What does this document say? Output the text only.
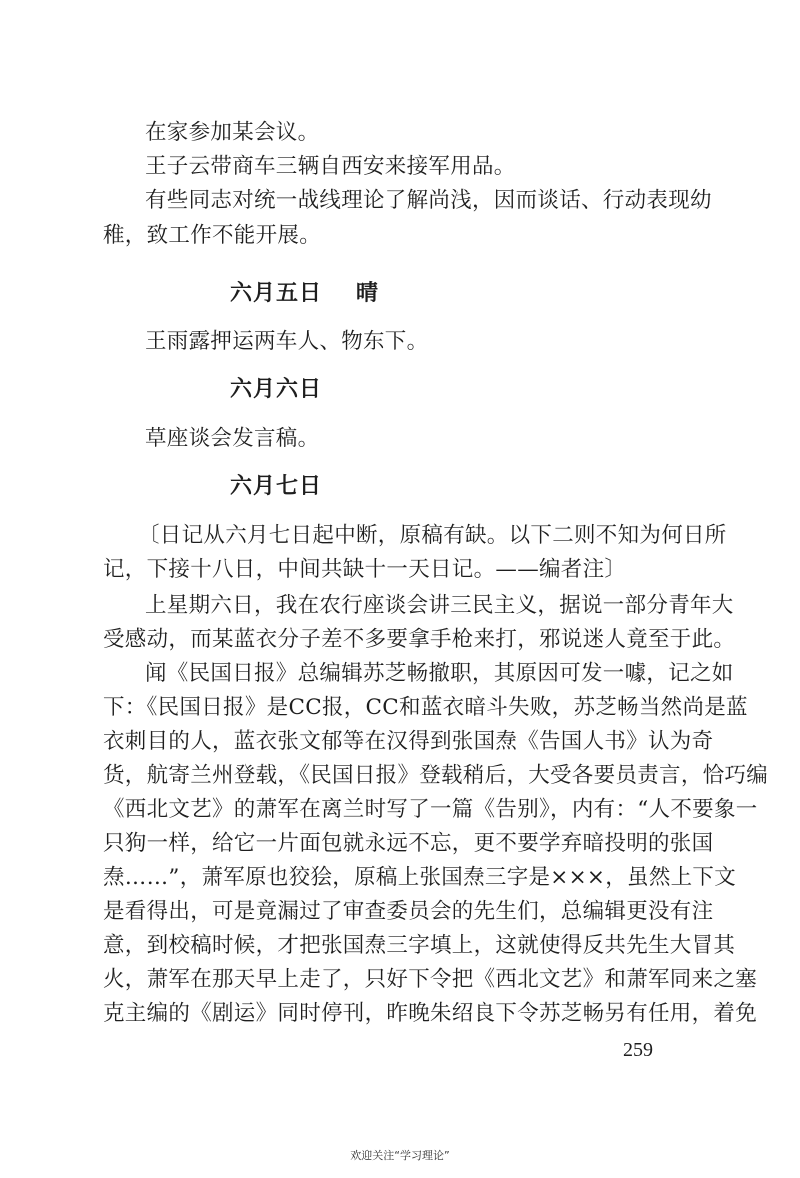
在家参加某会议。
王子云带商车三辆自西安来接军用品。
有些同志对统一战线理论了解尚浅，因而谈话、行动表现幼
稚，致工作不能开展。
六月五日 晴
王雨露押运两车人、物东下。
六月六日
草座谈会发言稿。
六月七日
〔日记从六月七日起中断，原稿有缺。以下二则不知为何日所
记，下接十八日，中间共缺十一天日记。——编者注〕
上星期六日，我在农行座谈会讲三民主义，据说一部分青年大
受感动，而某蓝衣分子差不多要拿手枪来打，邪说迷人竟至于此。
闻《民国日报》总编辑苏芝畅撤职，其原因可发一噱，记之如
下：《民国日报》是CC报，CC和蓝衣暗斗失败，苏芝畅当然尚是蓝
衣刺目的人，蓝衣张文郁等在汉得到张国焘《告国人书》认为奇
货，航寄兰州登载，《民国日报》登载稍后，大受各要员责言，恰巧编
《西北文艺》的萧军在离兰时写了一篇《告别》，内有：“人不要象一
只狗一样，给它一片面包就永远不忘，更不要学弃暗投明的张国
焘……”，萧军原也狡狯，原稿上张国焘三字是×××，虽然上下文
是看得出，可是竟漏过了审查委员会的先生们，总编辑更没有注
意，到校稿时候，才把张国焘三字填上，这就使得反共先生大冒其
火，萧军在那天早上走了，只好下令把《西北文艺》和萧军同来之塞
克主编的《剧运》同时停刊，昨晚朱绍良下令苏芝畅另有任用，着免
259
欢迎关注“学习理论”
